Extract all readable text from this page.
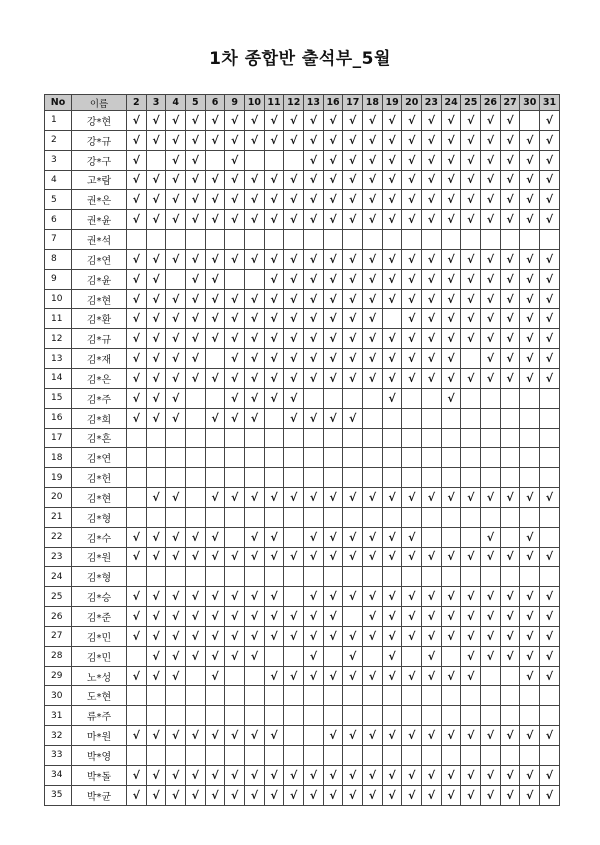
1차 종합반 출석부_5월
No	이름	2	3	4	5	6	9	10	11	12	13	16	17	18	19	20	23	24	25	26	27	30	31
1	강*현	√	√	√	√	√	√	√	√	√	√	√	√	√	√	√	√	√	√	√	√		√
2	강*규	√	√	√	√	√	√	√	√	√	√	√	√	√	√	√	√	√	√	√	√	√	√
3	강*구	√		√	√		√				√	√	√	√	√	√	√	√	√	√	√	√	√
4	고*람	√	√	√	√	√	√	√	√	√	√	√	√	√	√	√	√	√	√	√	√	√	√
5	권*은	√	√	√	√	√	√	√	√	√	√	√	√	√	√	√	√	√	√	√	√	√	√
6	권*윤	√	√	√	√	√	√	√	√	√	√	√	√	√	√	√	√	√	√	√	√	√	√
7	권*석																						
8	김*연	√	√	√	√	√	√	√	√	√	√	√	√	√	√	√	√	√	√	√	√	√	√
9	김*윤	√	√		√	√			√	√	√	√	√	√	√	√	√	√	√	√	√	√	√
10	김*현	√	√	√	√	√	√	√	√	√	√	√	√	√	√	√	√	√	√	√	√	√	√
11	김*환	√	√	√	√	√	√	√	√	√	√	√	√	√		√	√	√	√	√	√	√	√
12	김*규	√	√	√	√	√	√	√	√	√	√	√	√	√	√	√	√	√	√	√	√	√	√
13	김*재	√	√	√	√		√	√	√	√	√	√	√	√	√	√	√	√		√	√	√	√
14	김*은	√	√	√	√	√	√	√	√	√	√	√	√	√	√	√	√	√	√	√	√	√	√
15	김*주	√	√	√			√	√	√	√					√			√					
16	김*희	√	√	√		√	√	√		√	√	√	√										
17	김*흔																						
18	김*연																						
19	김*헌																						
20	김*현		√	√		√	√	√	√	√	√	√	√	√	√	√	√	√	√	√	√	√	√
21	김*형																						
22	김*수	√	√	√	√	√		√	√		√	√	√	√	√	√				√		√	
23	김*원	√	√	√	√	√	√	√	√	√	√	√	√	√	√	√	√	√	√	√	√	√	√
24	김*형																						
25	김*승	√	√	√	√	√	√	√	√		√	√	√	√	√	√	√	√	√	√	√	√	√
26	김*준	√	√	√	√	√	√	√	√	√	√	√		√	√	√	√	√	√	√	√	√	√
27	김*민	√	√	√	√	√	√	√	√	√	√	√	√	√	√	√	√	√	√	√	√	√	√
28	김*민		√	√	√	√	√	√			√		√		√		√		√	√	√	√	√
29	노*성	√	√	√		√			√	√	√	√	√	√	√	√	√	√	√			√	√
30	도*현																						
31	류*주																						
32	마*원	√	√	√	√	√	√	√	√			√	√	√	√	√	√	√	√	√	√	√	√
33	박*영																						
34	박*돌	√	√	√	√	√	√	√	√	√	√	√	√	√	√	√	√	√	√	√	√	√	√
35	박*균	√	√	√	√	√	√	√	√	√	√	√	√	√	√	√	√	√	√	√	√	√	√
